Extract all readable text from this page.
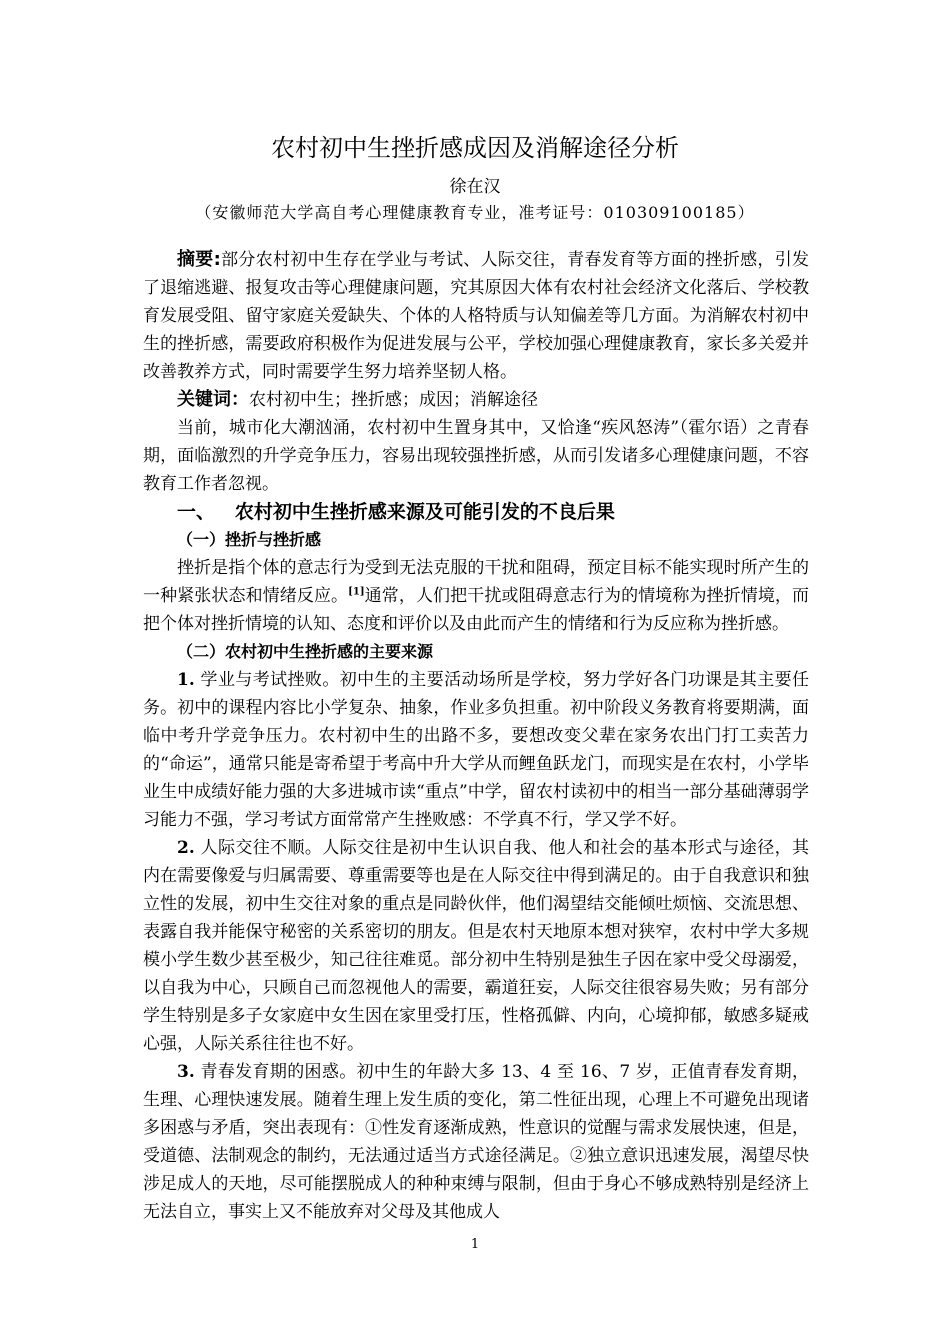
农村初中生挫折感成因及消解途径分析
徐在汉
（安徽师范大学高自考心理健康教育专业，准考证号：010309100185）

摘要:部分农村初中生存在学业与考试、人际交往，青春发育等方面的挫折感，引发了退缩逃避、报复攻击等心理健康问题，究其原因大体有农村社会经济文化落后、学校教育发展受阻、留守家庭关爱缺失、个体的人格特质与认知偏差等几方面。为消解农村初中生的挫折感，需要政府积极作为促进发展与公平，学校加强心理健康教育，家长多关爱并改善教养方式，同时需要学生努力培养坚韧人格。

关键词：农村初中生；挫折感；成因；消解途径

当前，城市化大潮汹涌，农村初中生置身其中，又恰逢“疾风怒涛”（霍尔语）之青春期，面临激烈的升学竞争压力，容易出现较强挫折感，从而引发诸多心理健康问题，不容教育工作者忽视。

一、   农村初中生挫折感来源及可能引发的不良后果
（一）挫折与挫折感

挫折是指个体的意志行为受到无法克服的干扰和阻碍，预定目标不能实现时所产生的一种紧张状态和情绪反应。[1]通常，人们把干扰或阻碍意志行为的情境称为挫折情境，而把个体对挫折情境的认知、态度和评价以及由此而产生的情绪和行为反应称为挫折感。

（二）农村初中生挫折感的主要来源

1. 学业与考试挫败。初中生的主要活动场所是学校，努力学好各门功课是其主要任务。初中的课程内容比小学复杂、抽象，作业多负担重。初中阶段义务教育将要期满，面临中考升学竞争压力。农村初中生的出路不多，要想改变父辈在家务农出门打工卖苦力的“命运”，通常只能是寄希望于考高中升大学从而鲤鱼跃龙门，而现实是在农村，小学毕业生中成绩好能力强的大多进城市读“重点”中学，留农村读初中的相当一部分基础薄弱学习能力不强，学习考试方面常常产生挫败感：不学真不行，学又学不好。

2. 人际交往不顺。人际交往是初中生认识自我、他人和社会的基本形式与途径，其内在需要像爱与归属需要、尊重需要等也是在人际交往中得到满足的。由于自我意识和独立性的发展，初中生交往对象的重点是同龄伙伴，他们渴望结交能倾吐烦恼、交流思想、表露自我并能保守秘密的关系密切的朋友。但是农村天地原本想对狭窄，农村中学大多规模小学生数少甚至极少，知己往往难觅。部分初中生特别是独生子因在家中受父母溺爱，以自我为中心，只顾自己而忽视他人的需要，霸道狂妄，人际交往很容易失败；另有部分学生特别是多子女家庭中女生因在家里受打压，性格孤僻、内向，心境抑郁，敏感多疑戒心强，人际关系往往也不好。

3. 青春发育期的困惑。初中生的年龄大多 13、4 至 16、7 岁，正值青春发育期，生理、心理快速发展。随着生理上发生质的变化，第二性征出现，心理上不可避免出现诸多困惑与矛盾，突出表现有：①性发育逐渐成熟，性意识的觉醒与需求发展快速，但是，受道德、法制观念的制约，无法通过适当方式途径满足。②独立意识迅速发展，渴望尽快涉足成人的天地，尽可能摆脱成人的种种束缚与限制，但由于身心不够成熟特别是经济上无法自立，事实上又不能放弃对父母及其他成人

1
